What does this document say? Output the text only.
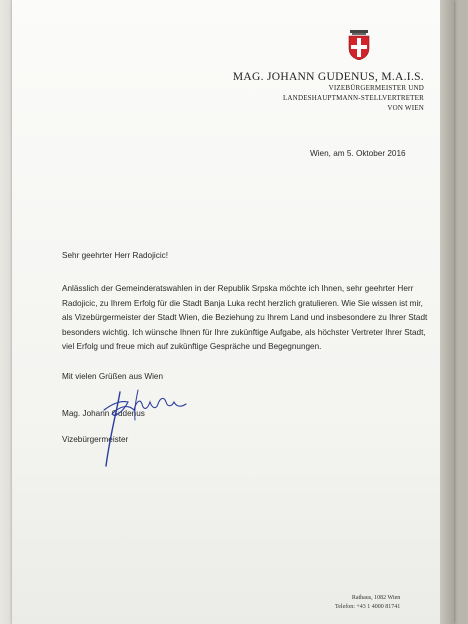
MAG. JOHANN GUDENUS, M.A.I.S.
VIZEBÜRGERMEISTER UND
LANDESHAUPTMANN-STELLVERTRETER
VON WIEN
Wien, am 5. Oktober 2016
Sehr geehrter Herr Radojicic!
Anlässlich der Gemeinderatswahlen in der Republik Srpska möchte ich Ihnen, sehr geehrter Herr Radojicic, zu Ihrem Erfolg für die Stadt Banja Luka recht herzlich gratulieren. Wie Sie wissen ist mir, als Vizebürgermeister der Stadt Wien, die Beziehung zu Ihrem Land und insbesondere zu Ihrer Stadt besonders wichtig. Ich wünsche Ihnen für Ihre zukünftige Aufgabe, als höchster Vertreter Ihrer Stadt, viel Erfolg und freue mich auf zukünftige Gespräche und Begegnungen.
Mit vielen Grüßen aus Wien
Mag. Johann Gudenus
Vizebürgermeister
Rathaus, 1082 Wien
Telefon: +43 1 4000 81741
